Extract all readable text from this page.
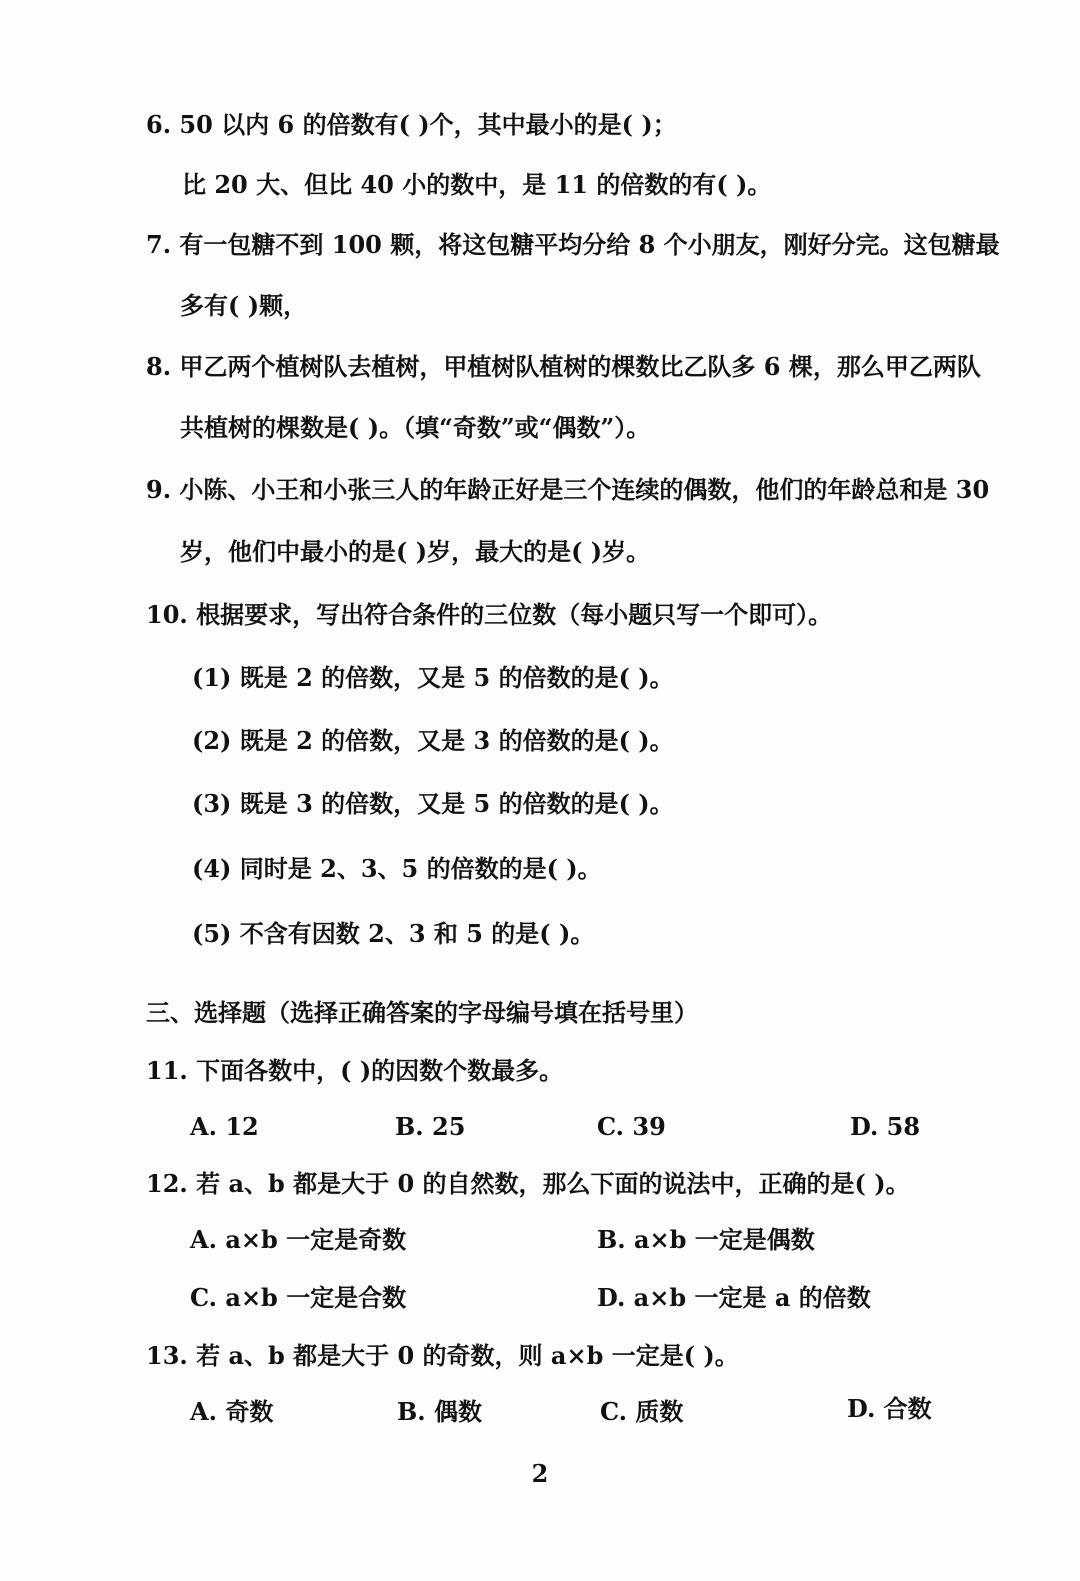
6. 50 以内 6 的倍数有( )个，其中最小的是( )；
比 20 大、但比 40 小的数中，是 11 的倍数的有( )。
7. 有一包糖不到 100 颗，将这包糖平均分给 8 个小朋友，刚好分完。这包糖最
多有( )颗，
8. 甲乙两个植树队去植树，甲植树队植树的棵数比乙队多 6 棵，那么甲乙两队
共植树的棵数是( )。（填“奇数”或“偶数”）。
9. 小陈、小王和小张三人的年龄正好是三个连续的偶数，他们的年龄总和是 30
岁，他们中最小的是( )岁，最大的是( )岁。
10. 根据要求，写出符合条件的三位数（每小题只写一个即可）。
(1) 既是 2 的倍数，又是 5 的倍数的是( )。
(2) 既是 2 的倍数，又是 3 的倍数的是( )。
(3) 既是 3 的倍数，又是 5 的倍数的是( )。
(4) 同时是 2、3、5 的倍数的是( )。
(5) 不含有因数 2、3 和 5 的是( )。
三、选择题（选择正确答案的字母编号填在括号里）
11. 下面各数中，( )的因数个数最多。
A. 12	B. 25	C. 39	D. 58
12. 若 a、b 都是大于 0 的自然数，那么下面的说法中，正确的是( )。
A. a×b 一定是奇数	B. a×b 一定是偶数
C. a×b 一定是合数	D. a×b 一定是 a 的倍数
13. 若 a、b 都是大于 0 的奇数，则 a×b 一定是( )。
A. 奇数	B. 偶数	C. 质数	D. 合数
2
